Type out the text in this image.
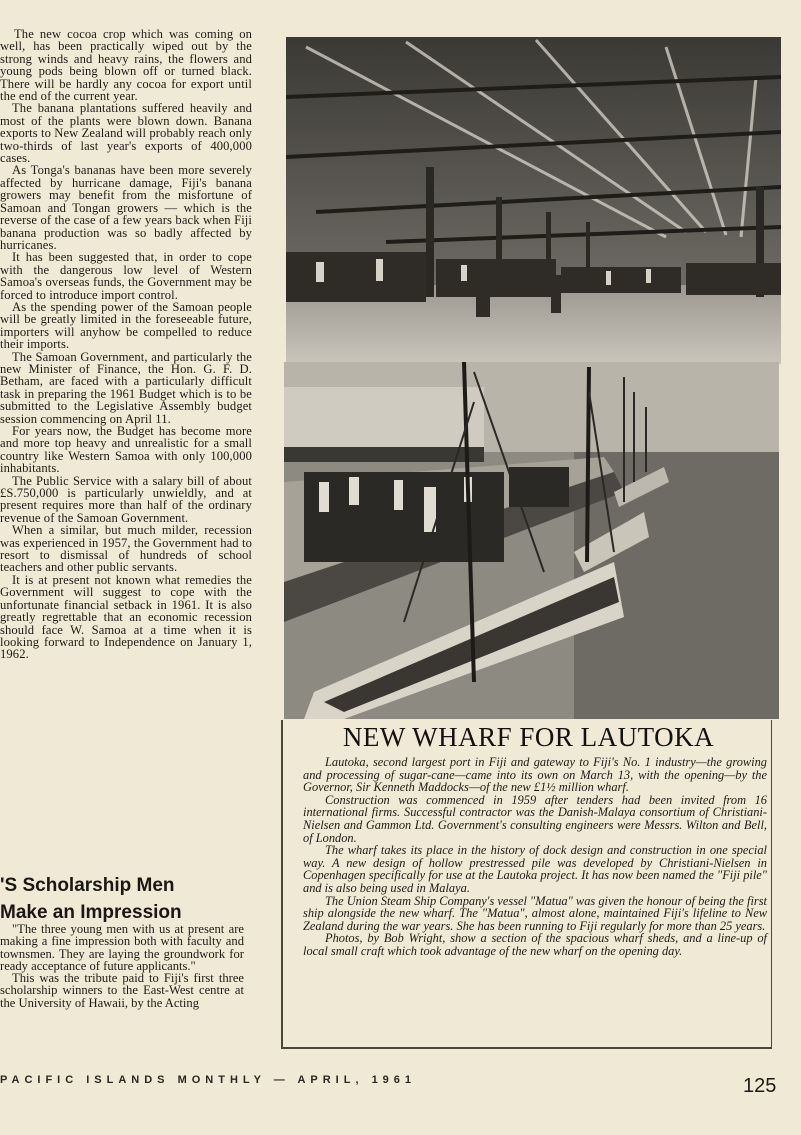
The new cocoa crop which was coming on well, has been practically wiped out by the strong winds and heavy rains, the flowers and young pods being blown off or turned black. There will be hardly any cocoa for export until the end of the current year.

The banana plantations suffered heavily and most of the plants were blown down. Banana exports to New Zealand will probably reach only two-thirds of last year's exports of 400,000 cases.

As Tonga's bananas have been more severely affected by hurricane damage, Fiji's banana growers may benefit from the misfortune of Samoan and Tongan growers — which is the reverse of the case of a few years back when Fiji banana production was so badly affected by hurricanes.

It has been suggested that, in order to cope with the dangerous low level of Western Samoa's overseas funds, the Government may be forced to introduce import control.

As the spending power of the Samoan people will be greatly limited in the foreseeable future, importers will anyhow be compelled to reduce their imports.

The Samoan Government, and particularly the new Minister of Finance, the Hon. G. F. D. Betham, are faced with a particularly difficult task in preparing the 1961 Budget which is to be submitted to the Legislative Assembly budget session commencing on April 11.

For years now, the Budget has become more and more top heavy and unrealistic for a small country like Western Samoa with only 100,000 inhabitants.

The Public Service with a salary bill of about £S.750,000 is particularly unwieldly, and at present requires more than half of the ordinary revenue of the Samoan Government.

When a similar, but much milder, recession was experienced in 1957, the Government had to resort to dismissal of hundreds of school teachers and other public servants.

It is at present not known what remedies the Government will suggest to cope with the unfortunate financial setback in 1961. It is also greatly regrettable that an economic recession should face W. Samoa at a time when it is looking forward to Independence on January 1, 1962.

'S Scholarship Men
Make an Impression

"The three young men with us at present are making a fine impression both with faculty and townsmen. They are laying the groundwork for ready acceptance of future applicants."

This was the tribute paid to Fiji's first three scholarship winners to the East-West centre at the University of Hawaii, by the Acting

NEW WHARF FOR LAUTOKA

Lautoka, second largest port in Fiji and gateway to Fiji's No. 1 industry—the growing and processing of sugar-cane—came into its own on March 13, with the opening—by the Governor, Sir Kenneth Maddocks—of the new £1½ million wharf.

Construction was commenced in 1959 after tenders had been invited from 16 international firms. Successful contractor was the Danish-Malaya consortium of Christiani-Nielsen and Gammon Ltd. Government's consulting engineers were Messrs. Wilton and Bell, of London.

The wharf takes its place in the history of dock design and construction in one special way. A new design of hollow prestressed pile was developed by Christiani-Nielsen in Copenhagen specifically for use at the Lautoka project. It has now been named the "Fiji pile" and is also being used in Malaya.

The Union Steam Ship Company's vessel "Matua" was given the honour of being the first ship alongside the new wharf. The "Matua", almost alone, maintained Fiji's lifeline to New Zealand during the war years. She has been running to Fiji regularly for more than 25 years.

Photos, by Bob Wright, show a section of the spacious wharf sheds, and a line-up of local small craft which took advantage of the new wharf on the opening day.

PACIFIC ISLANDS MONTHLY — APRIL, 1961	125
